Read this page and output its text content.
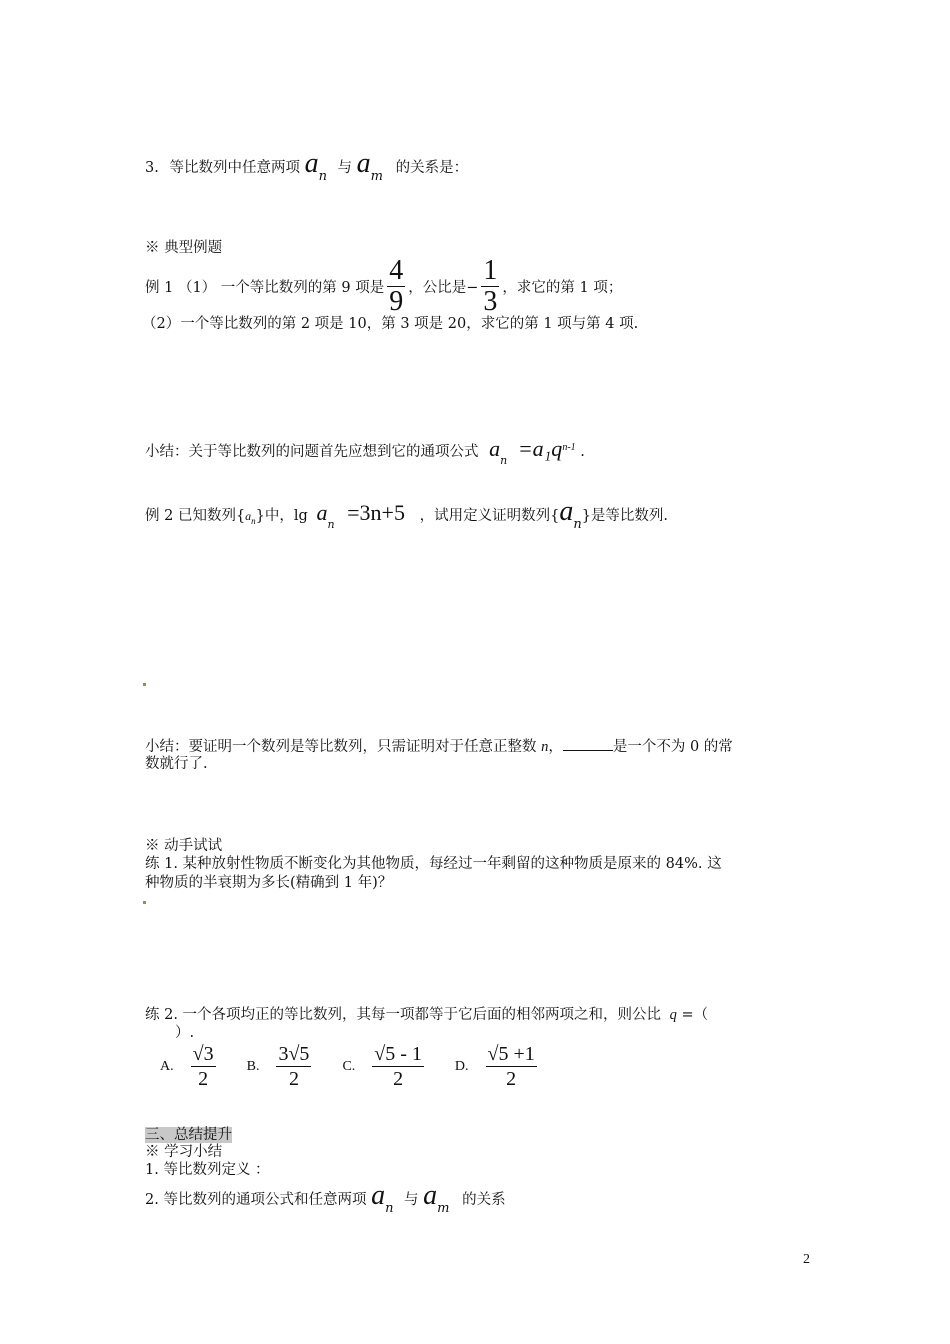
3. 等比数列中任意两项 an 与 am 的关系是：
※ 典型例题
例 1 （1） 一个等比数列的第 9 项是 $\frac{4}{9}$ ，公比是− $\frac{1}{3}$ ，求它的第 1 项；
（2）一个等比数列的第 2 项是 10，第 3 项是 20，求它的第 1 项与第 4 项.
小结：关于等比数列的问题首先应想到它的通项公式 $a_n =a_1q^{n-1}$ .
例 2 已知数列$\{a_n\}$中，$\lg a_n =3n+5$ ，试用定义证明数列{an}是等比数列.
小结：要证明一个数列是等比数列，只需证明对于任意正整数 n，	是一个不为 0 的常
数就行了.
※ 动手试试
练 1. 某种放射性物质不断变化为其他物质，每经过一年剩留的这种物质是原来的 84%. 这
种物质的半衰期为多长(精确到 1 年)？
练 2. 一个各项均正的等比数列，其每一项都等于它后面的相邻两项之和，则公比 q =（
）.
A. $\frac{√3}{2} B$. $\frac{3√5}{2} C$. $\frac{√5 - 1}{2} D$. $\frac{√5 +1}{2}$
三、总结提升
※ 学习小结
1. 等比数列定义 ：
2. 等比数列的通项公式和任意两项 an 与 am 的关系
2
